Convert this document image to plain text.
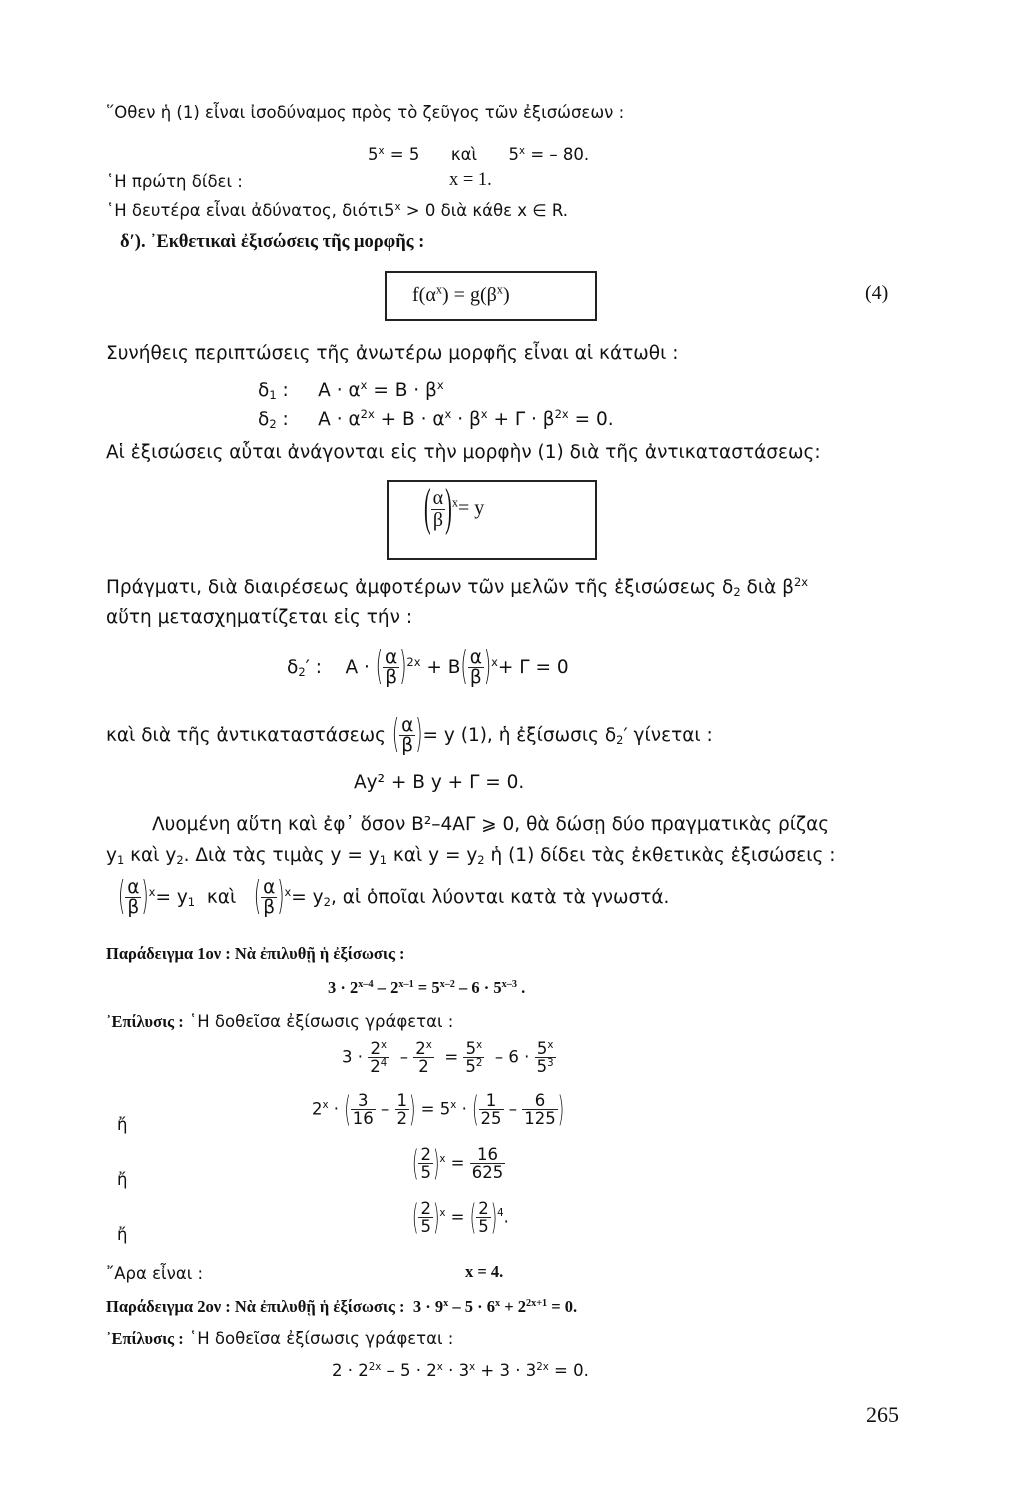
῞Οθεν ἡ (1) εἶναι ἰσοδύναμος πρὸς τὸ ζεῦγος τῶν ἐξισώσεων :
$5^x = 5$ καὶ $5^x$ = – 80.
῾Η πρώτη δίδει :	x = 1.
῾Η δευτέρα εἶναι ἀδύνατος, διότι $5^x > 0$ διὰ κάθε x ∈ R.
δ′). ᾿Εκθετικαὶ ἐξισώσεις τῆς μορφῆς :
$f(\alpha^x) = g(\beta^x)$	(4)
Συνήθεις περιπτώσεις τῆς ἀνωτέρω μορφῆς εἶναι αἱ κάτωθι :
$\delta_1$ :     $A \cdot \alpha^x = B \cdot \beta^x$
$\delta_2$ :     $A \cdot \alpha^{2x} + B \cdot \alpha^x \cdot \beta^x + \Gamma \cdot \beta^{2x} = 0$.
Αἱ ἐξισώσεις αὗται ἀνάγονται εἰς τὴν μορφὴν (1) διὰ τῆς ἀντικαταστάσεως:
( $\frac{\alpha}{\beta} )^x= y$
Πράγματι, διὰ διαιρέσεως ἀμφοτέρων τῶν μελῶν τῆς ἐξισώσεως $\delta_2$ διὰ $\beta^{2x}$
αὕτη μετασχηματίζεται εἰς τήν :
$\delta_2'$ :    Α · ( $\frac{\alpha}{\beta} )^{2x} + B( \frac{\alpha}{\beta} )^x+ \Gamma = 0$
καὶ διὰ τῆς ἀντικαταστάσεως ( $\frac{\alpha}{\beta}$ )= y (1), ἡ ἐξίσωσις $\delta_2'$ γίνεται :
Αy² + Β y + Γ = 0.
Λυομένη αὕτη καὶ ἐφ᾽ ὅσον Β²–4ΑΓ ⩾ 0, θὰ δώσῃ δύο πραγματικὰς ρίζας
$y_1$ καὶ $y_2$. Διὰ τὰς τιμὰς $y = y_1$ καὶ $y = y_2$ ἡ (1) δίδει τὰς ἐκθετικὰς ἐξισώσεις :
( $\frac{\alpha}{\beta} )^x= y_1$ καὶ ( $\frac{\alpha}{\beta} )^x= y_2$, αἱ ὁποῖαι λύονται κατὰ τὰ γνωστά.
Παράδειγμα 1ον : Νὰ ἐπιλυθῇ ἡ ἐξίσωσις :
$3 \cdot 2^{x-4} - 2^{x-1} = 5^{x-2} - 6 \cdot 5^{x-3}$ .
᾿Επίλυσις : ῾Η δοθεῖσα ἐξίσωσις γράφεται :
$3 \cdot \frac{2^x}{2^4} - \frac{2^x}{2} = \frac{5^x}{5^2} - 6 \cdot \frac{5^x}{5^3}$
ἤ
$2^x$ · ( $\frac{3}{16} - \frac{1}{2}$ ) = $5^x$ · ( $\frac{1}{25} - \frac{6}{125}$ )
ἤ	( $\frac{2}{5} )^x = \frac{16}{625}$
ἤ	( $\frac{2}{5} )^x$ = ( $\frac{2}{5} )^4$.
῎Αρα εἶναι :	x = 4.
Παράδειγμα 2ον : Νὰ ἐπιλυθῇ ἡ ἐξίσωσις : $3 \cdot 9^x - 5 \cdot 6^x + 2^{2x+1} = 0$.
᾿Επίλυσις : ῾Η δοθεῖσα ἐξίσωσις γράφεται :
$2 \cdot 2^{2x} - 5 \cdot 2^x \cdot 3^x + 3 \cdot 3^{2x} = 0$.
265
